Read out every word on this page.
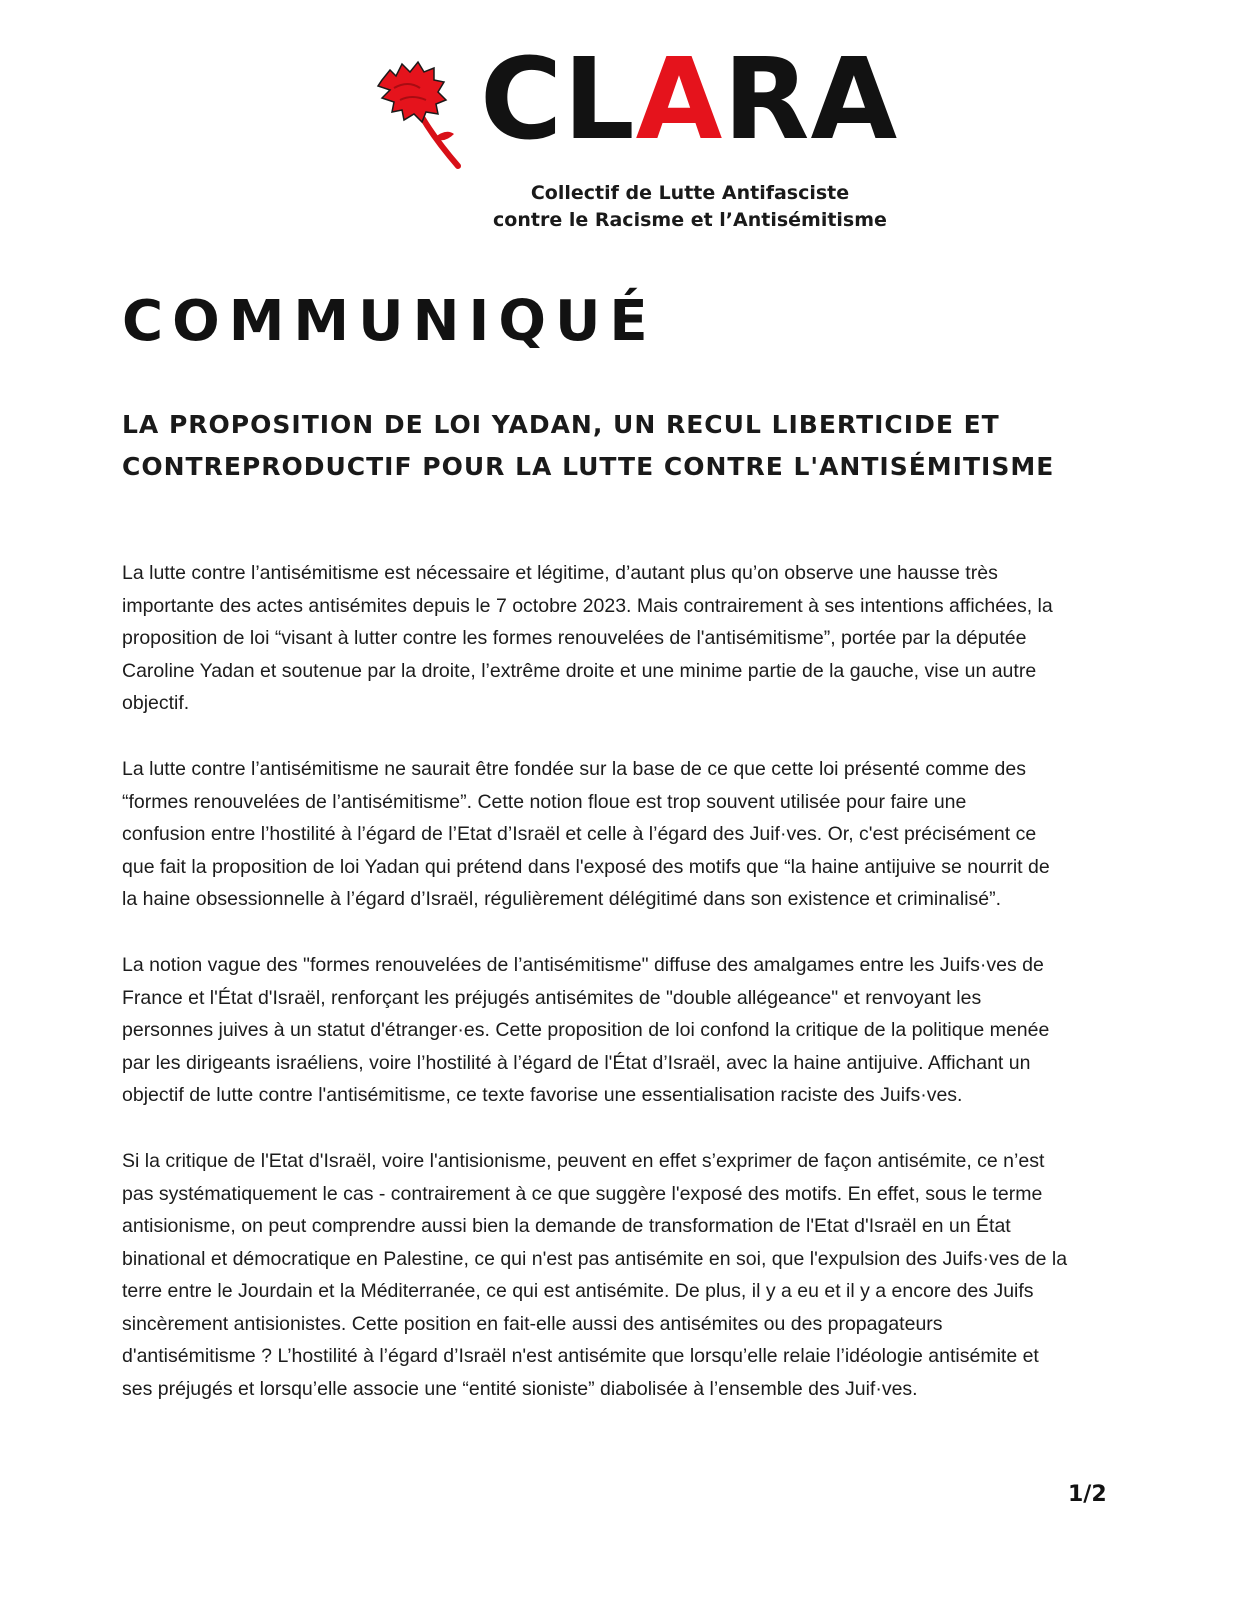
CLARA
Collectif de Lutte Antifasciste
contre le Racisme et l’Antisémitisme
COMMUNIQUÉ
LA PROPOSITION DE LOI YADAN, UN RECUL LIBERTICIDE ET
CONTREPRODUCTIF POUR LA LUTTE CONTRE L'ANTISÉMITISME
La lutte contre l’antisémitisme est nécessaire et légitime, d’autant plus qu’on observe une hausse très
importante des actes antisémites depuis le 7 octobre 2023. Mais contrairement à ses intentions affichées, la
proposition de loi “visant à lutter contre les formes renouvelées de l'antisémitisme”, portée par la députée
Caroline Yadan et soutenue par la droite, l’extrême droite et une minime partie de la gauche, vise un autre
objectif.
La lutte contre l’antisémitisme ne saurait être fondée sur la base de ce que cette loi présenté comme des
“formes renouvelées de l’antisémitisme”. Cette notion floue est trop souvent utilisée pour faire une
confusion entre l’hostilité à l’égard de l’Etat d’Israël et celle à l’égard des Juif·ves. Or, c'est précisément ce
que fait la proposition de loi Yadan qui prétend dans l'exposé des motifs que “la haine antijuive se nourrit de
la haine obsessionnelle à l’égard d’Israël, régulièrement délégitimé dans son existence et criminalisé”.
La notion vague des "formes renouvelées de l’antisémitisme" diffuse des amalgames entre les Juifs·ves de
France et l'État d'Israël, renforçant les préjugés antisémites de "double allégeance" et renvoyant les
personnes juives à un statut d'étranger·es. Cette proposition de loi confond la critique de la politique menée
par les dirigeants israéliens, voire l’hostilité à l’égard de l'État d’Israël, avec la haine antijuive. Affichant un
objectif de lutte contre l'antisémitisme, ce texte favorise une essentialisation raciste des Juifs·ves.
Si la critique de l'Etat d'Israël, voire l'antisionisme, peuvent en effet s’exprimer de façon antisémite, ce n’est
pas systématiquement le cas - contrairement à ce que suggère l'exposé des motifs. En effet, sous le terme
antisionisme, on peut comprendre aussi bien la demande de transformation de l'Etat d'Israël en un État
binational et démocratique en Palestine, ce qui n'est pas antisémite en soi, que l'expulsion des Juifs·ves de la
terre entre le Jourdain et la Méditerranée, ce qui est antisémite. De plus, il y a eu et il y a encore des Juifs
sincèrement antisionistes. Cette position en fait-elle aussi des antisémites ou des propagateurs
d'antisémitisme ? L’hostilité à l’égard d’Israël n'est antisémite que lorsqu’elle relaie l’idéologie antisémite et
ses préjugés et lorsqu’elle associe une “entité sioniste” diabolisée à l’ensemble des Juif·ves.
1/2
